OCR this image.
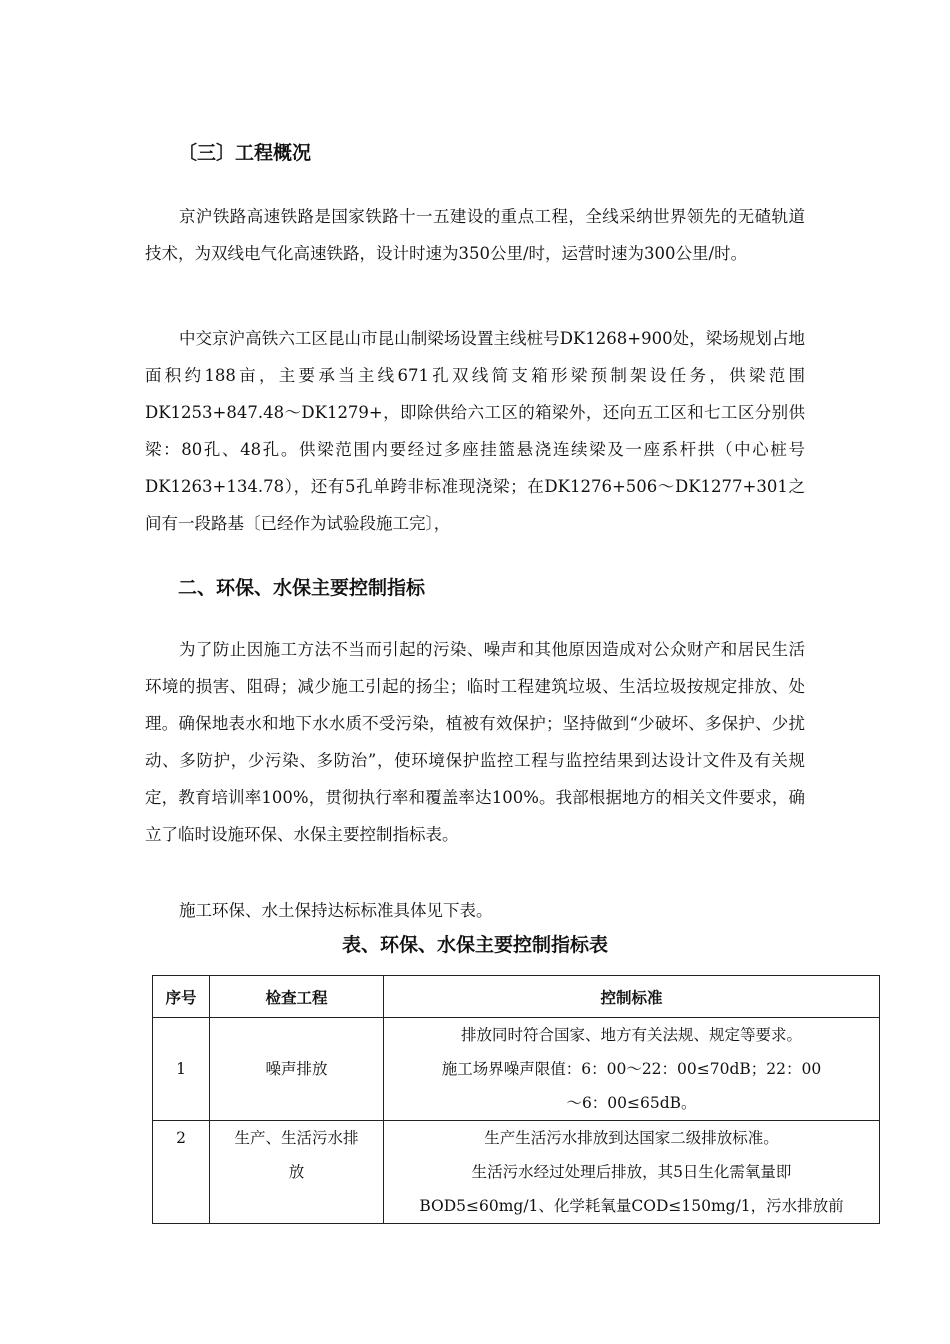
〔三〕工程概况

京沪铁路高速铁路是国家铁路十一五建设的重点工程，全线采纳世界领先的无碴轨道技术，为双线电气化高速铁路，设计时速为350公里/时，运营时速为300公里/时。

中交京沪高铁六工区昆山市昆山制梁场设置主线桩号DK1268+900处，梁场规划占地面积约188亩，主要承当主线671孔双线简支箱形梁预制架设任务，供梁范围DK1253+847.48～DK1279+，即除供给六工区的箱梁外，还向五工区和七工区分别供梁：80孔、48孔。供梁范围内要经过多座挂篮悬浇连续梁及一座系杆拱（中心桩号DK1263+134.78），还有5孔单跨非标准现浇梁；在DK1276+506～DK1277+301之间有一段路基〔已经作为试验段施工完〕，

二、环保、水保主要控制指标

为了防止因施工方法不当而引起的污染、噪声和其他原因造成对公众财产和居民生活环境的损害、阻碍；减少施工引起的扬尘；临时工程建筑垃圾、生活垃圾按规定排放、处理。确保地表水和地下水水质不受污染，植被有效保护；坚持做到“少破坏、多保护、少扰动、多防护，少污染、多防治”，使环境保护监控工程与监控结果到达设计文件及有关规定，教育培训率100%，贯彻执行率和覆盖率达100%。我部根据地方的相关文件要求，确立了临时设施环保、水保主要控制指标表。

施工环保、水土保持达标标准具体见下表。

表、环保、水保主要控制指标表
序号	检查工程	控制标准

1	噪声排放	排放同时符合国家、地方有关法规、规定等要求。
施工场界噪声限值：6：00～22：00≤70dB；22：00
～6：00≤65dB。

2	生产、生活污水排
放	生产生活污水排放到达国家二级排放标准。
生活污水经过处理后排放，其5日生化需氧量即
BOD5≤60mg/1、化学耗氧量COD≤150mg/1，污水排放前
